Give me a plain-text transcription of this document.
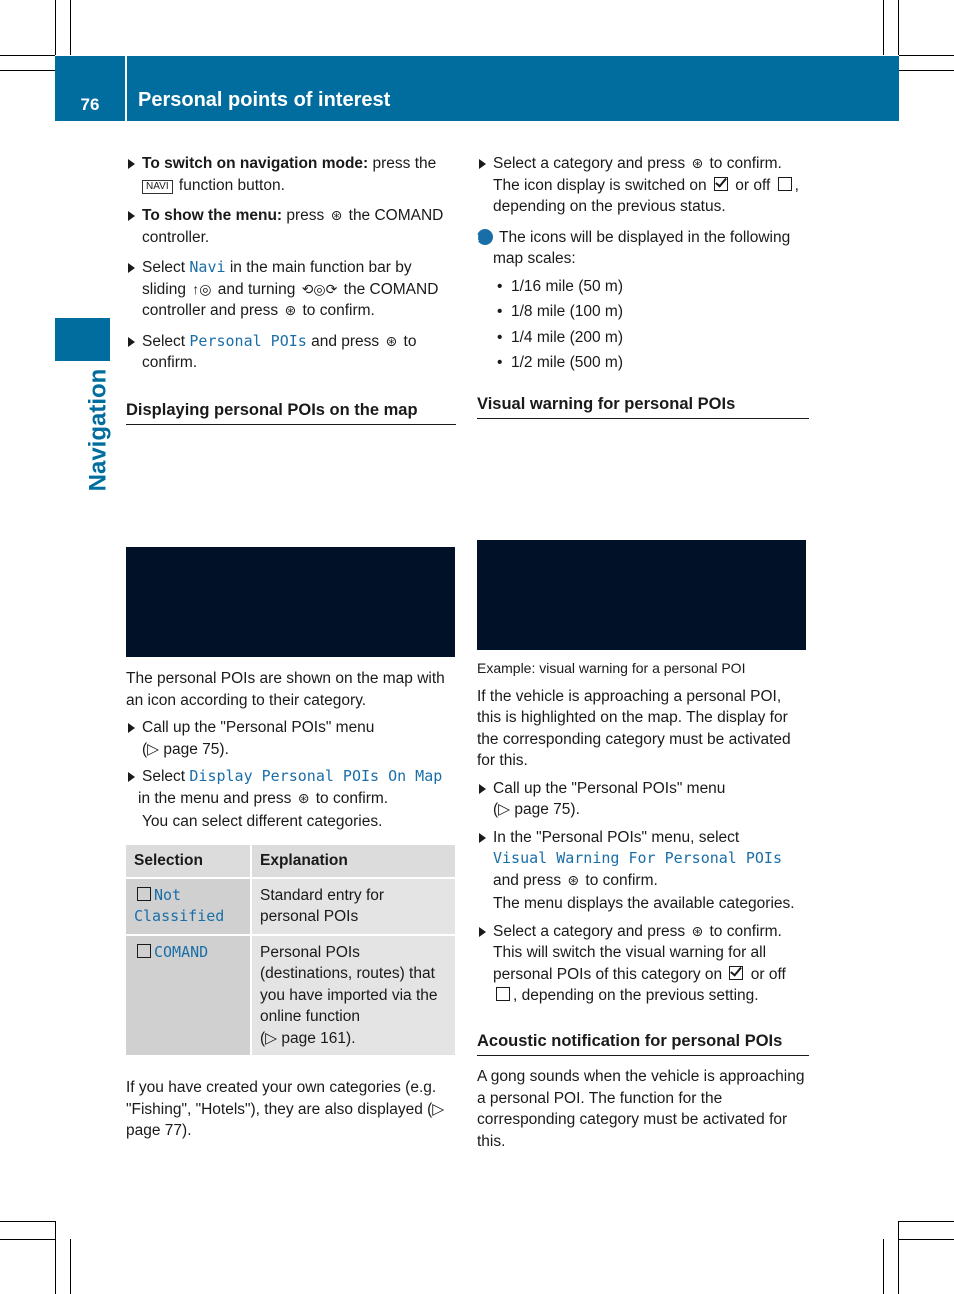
76	Personal points of interest
Navigation
To switch on navigation mode: press the NAVI function button.
To show the menu: press ⊛ the COMAND controller.
Select Navi in the main function bar by sliding ↑◎ and turning ⟲◎⟳ the COMAND controller and press ⊛ to confirm.
Select Personal POIs and press ⊛ to confirm.
Displaying personal POIs on the map
The personal POIs are shown on the map with an icon according to their category.
Call up the "Personal POIs" menu
(▷ page 75).
Select Display Personal POIs On Map
in the menu and press ⊛ to confirm.
You can select different categories.
Selection	Explanation
Not Classified	Standard entry for personal POIs
COMAND	Personal POIs (destinations, routes) that you have imported via the online function
(▷ page 161).
If you have created your own categories (e.g. "Fishing", "Hotels"), they are also displayed (▷ page 77).
Select a category and press ⊛ to confirm.
The icon display is switched on  or off , depending on the previous status.
i The icons will be displayed in the following map scales:
• 1/16 mile (50 m)
• 1/8 mile (100 m)
• 1/4 mile (200 m)
• 1/2 mile (500 m)
Visual warning for personal POIs
Example: visual warning for a personal POI
If the vehicle is approaching a personal POI, this is highlighted on the map. The display for the corresponding category must be activated for this.
Call up the "Personal POIs" menu
(▷ page 75).
In the "Personal POIs" menu, select
Visual Warning For Personal POIs
and press ⊛ to confirm.
The menu displays the available categories.
Select a category and press ⊛ to confirm.
This will switch the visual warning for all personal POIs of this category on  or off , depending on the previous setting.
Acoustic notification for personal POIs
A gong sounds when the vehicle is approaching a personal POI. The function for the corresponding category must be activated for this.
